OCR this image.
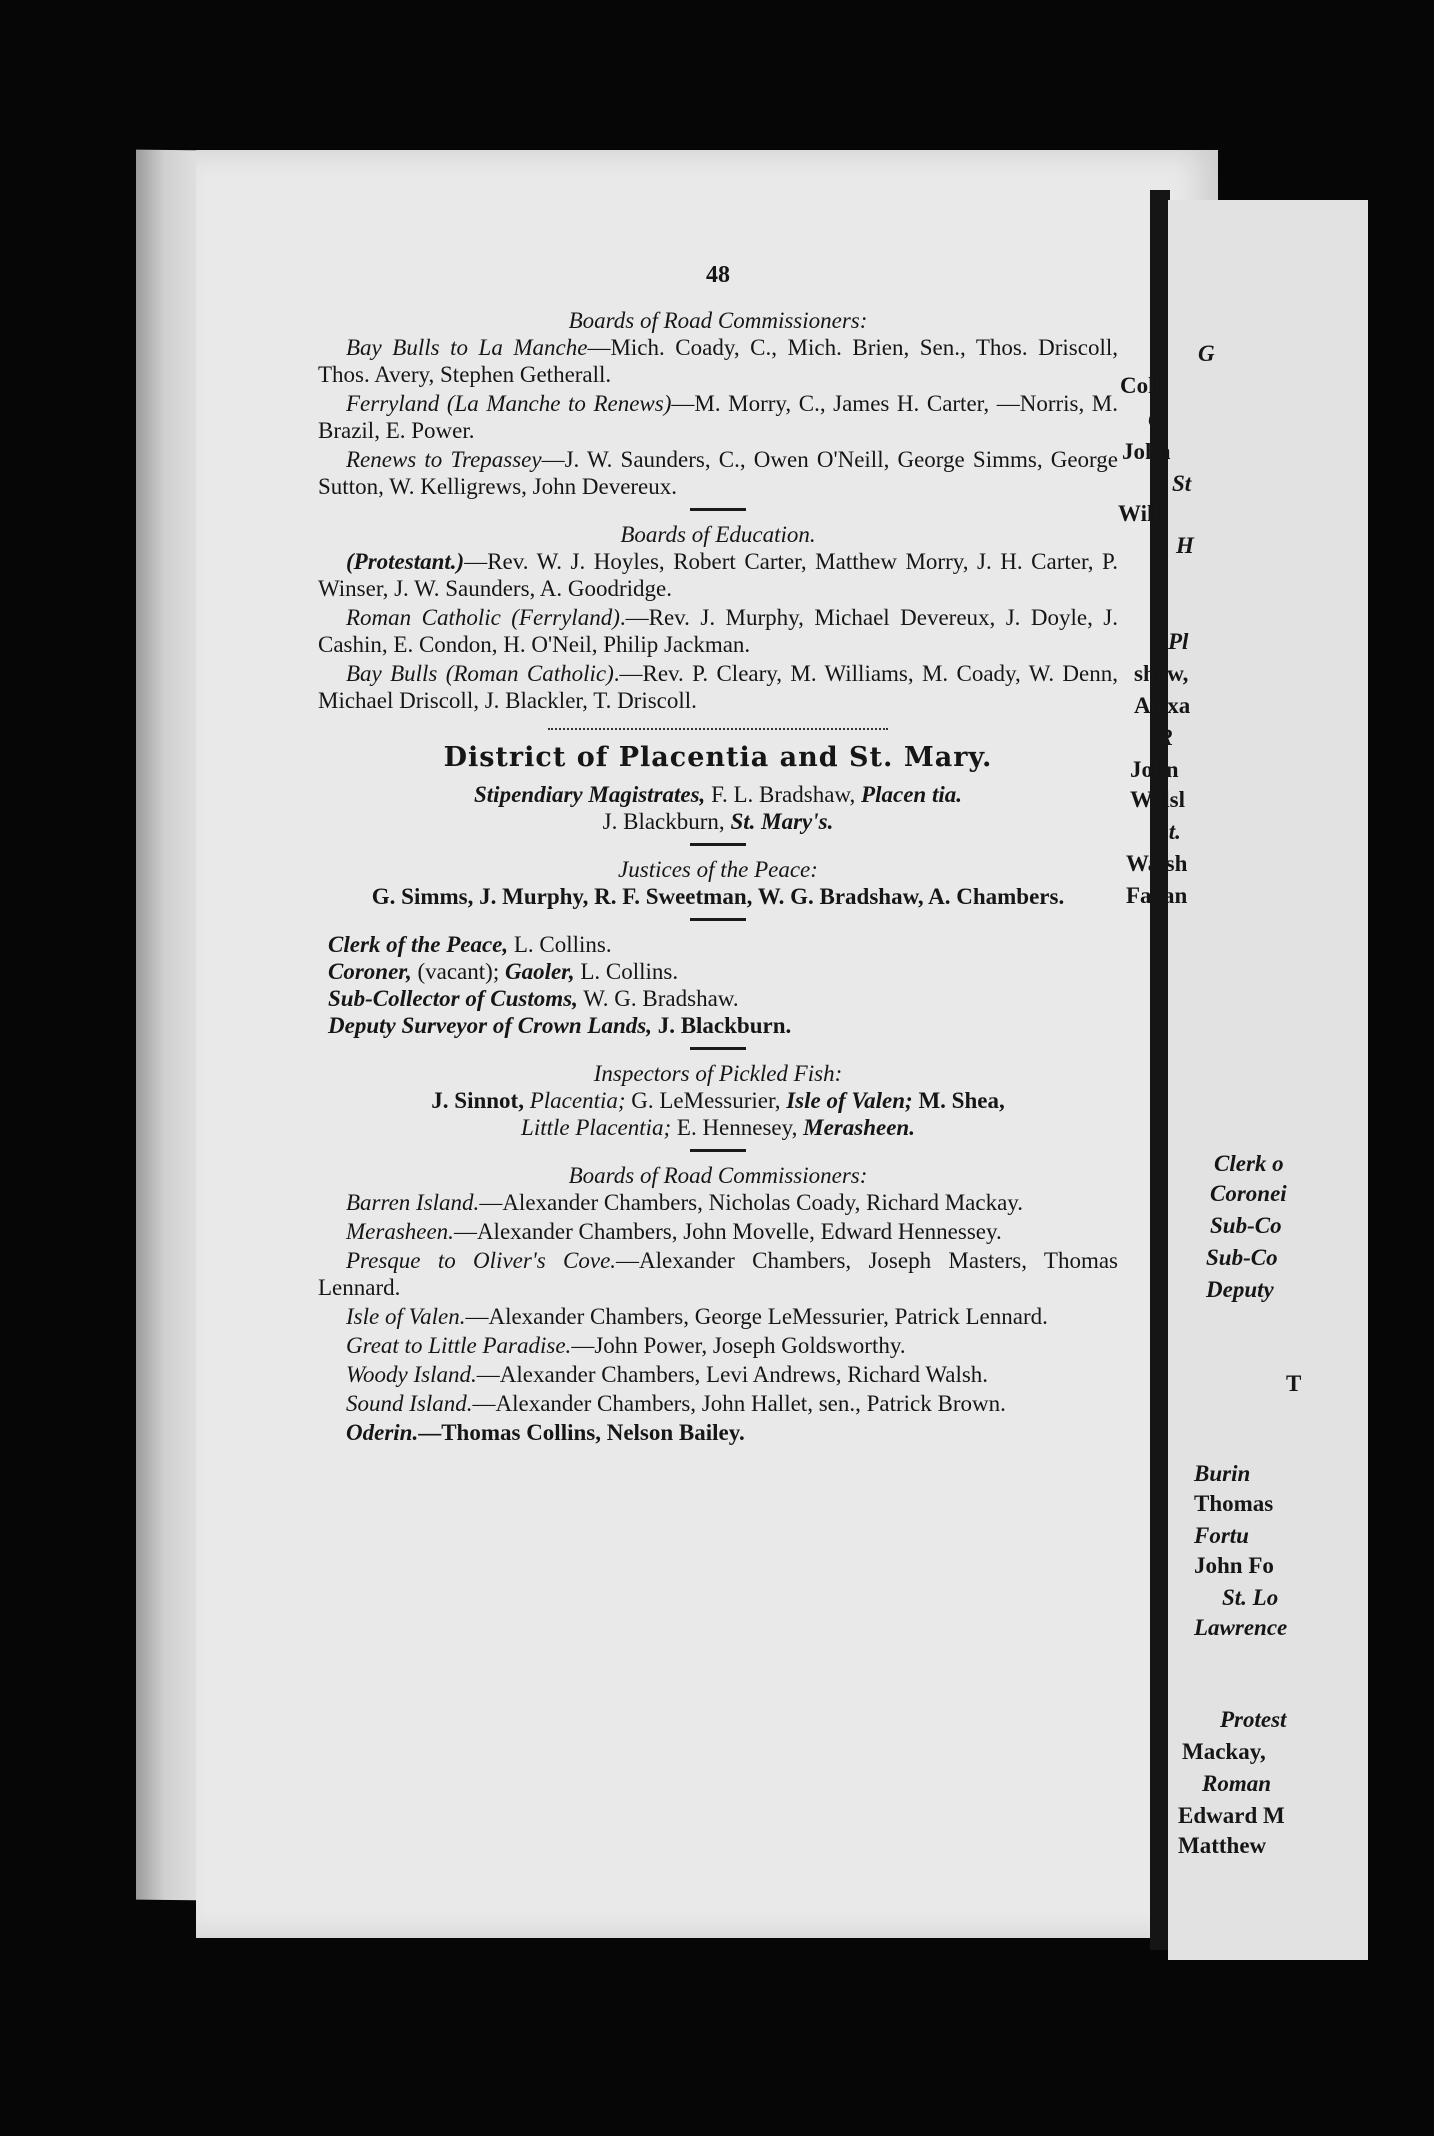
G
Coll
G
John
St
Will
H
Pl
shaw,
Alexa
(R
John
Walsl
St.
Walsh
Fagan
Clerk o
Coronei
Sub-Co
Sub-Co
Deputy
T
Burin
Thomas
Fortu
John Fo
St. Lo
Lawrence
Protest
Mackay,
Roman
Edward M
Matthew
48
Boards of Road Commissioners:

Bay Bulls to La Manche—Mich. Coady, C., Mich. Brien, Sen., Thos. Driscoll, Thos. Avery, Stephen Getherall.

Ferryland (La Manche to Renews)—M. Morry, C., James H. Carter, —Norris, M. Brazil, E. Power.

Renews to Trepassey—J. W. Saunders, C., Owen O'Neill, George Simms, George Sutton, W. Kelligrews, John Devereux.

Boards of Education.

(Protestant.)—Rev. W. J. Hoyles, Robert Carter, Matthew Morry, J. H. Carter, P. Winser, J. W. Saunders, A. Goodridge.

Roman Catholic (Ferryland).—Rev. J. Murphy, Michael Devereux, J. Doyle, J. Cashin, E. Condon, H. O'Neil, Philip Jackman.

Bay Bulls (Roman Catholic).—Rev. P. Cleary, M. Williams, M. Coady, W. Denn, Michael Driscoll, J. Blackler, T. Driscoll.

District of Placentia and St. Mary.
Stipendiary Magistrates, F. L. Bradshaw, Placen tia.
J. Blackburn, St. Mary's.
Justices of the Peace:
G. Simms, J. Murphy, R. F. Sweetman, W. G. Bradshaw, A. Chambers.
Clerk of the Peace, L. Collins.
Coroner, (vacant); Gaoler, L. Collins.
Sub-Collector of Customs, W. G. Bradshaw.
Deputy Surveyor of Crown Lands, J. Blackburn.
Inspectors of Pickled Fish:
J. Sinnot, Placentia; G. LeMessurier, Isle of Valen; M. Shea,
Little Placentia; E. Hennesey, Merasheen.
Boards of Road Commissioners:

Barren Island.—Alexander Chambers, Nicholas Coady, Richard Mackay.

Merasheen.—Alexander Chambers, John Movelle, Edward Hennessey.

Presque to Oliver's Cove.—Alexander Chambers, Joseph Masters, Thomas Lennard.

Isle of Valen.—Alexander Chambers, George LeMessurier, Patrick Lennard.

Great to Little Paradise.—John Power, Joseph Goldsworthy.

Woody Island.—Alexander Chambers, Levi Andrews, Richard Walsh.

Sound Island.—Alexander Chambers, John Hallet, sen., Patrick Brown.

Oderin.—Thomas Collins, Nelson Bailey.
